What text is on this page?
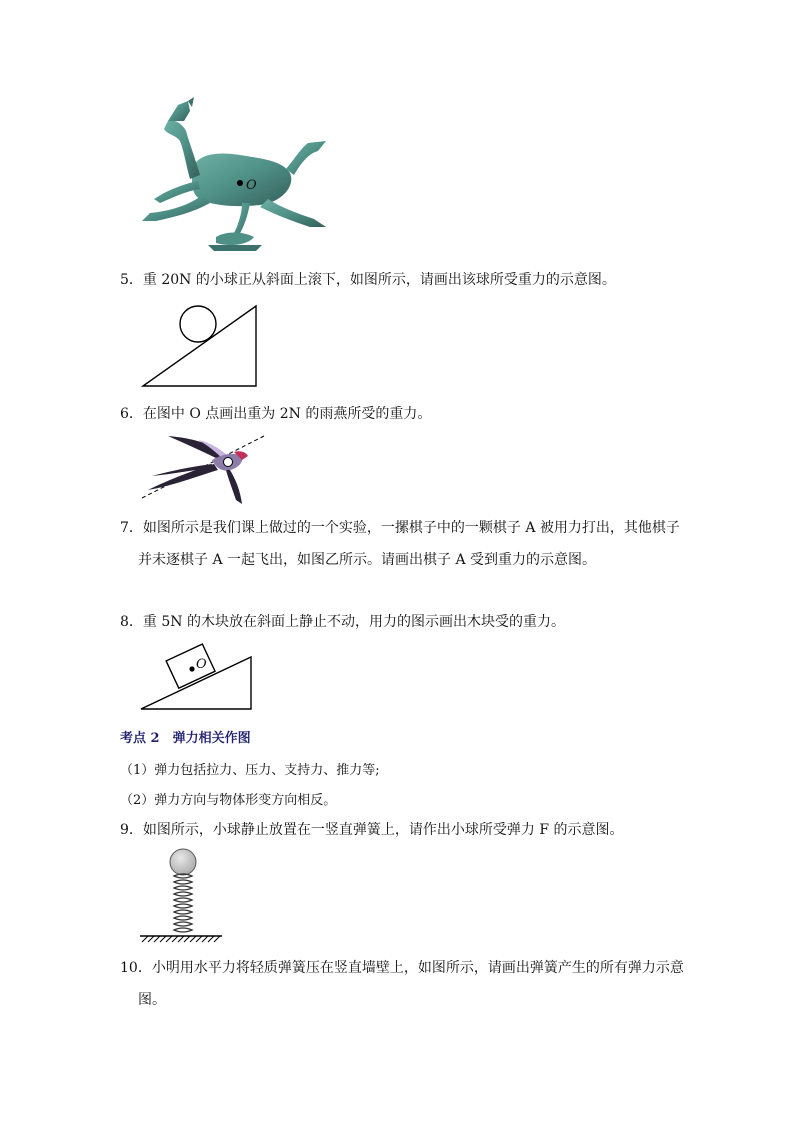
O
5．重 20N 的小球正从斜面上滚下，如图所示，请画出该球所受重力的示意图。
6．在图中 O 点画出重为 2N 的雨燕所受的重力。
7．如图所示是我们课上做过的一个实验，一摞棋子中的一颗棋子 A 被用力打出，其他棋子
并未逐棋子 A 一起飞出，如图乙所示。请画出棋子 A 受到重力的示意图。
8．重 5N 的木块放在斜面上静止不动，用力的图示画出木块受的重力。
O
考点 2　弹力相关作图
（1）弹力包括拉力、压力、支持力、推力等;
（2）弹力方向与物体形变方向相反。
9．如图所示，小球静止放置在一竖直弹簧上，请作出小球所受弹力 F 的示意图。
10．小明用水平力将轻质弹簧压在竖直墙壁上，如图所示，请画出弹簧产生的所有弹力示意
图。
